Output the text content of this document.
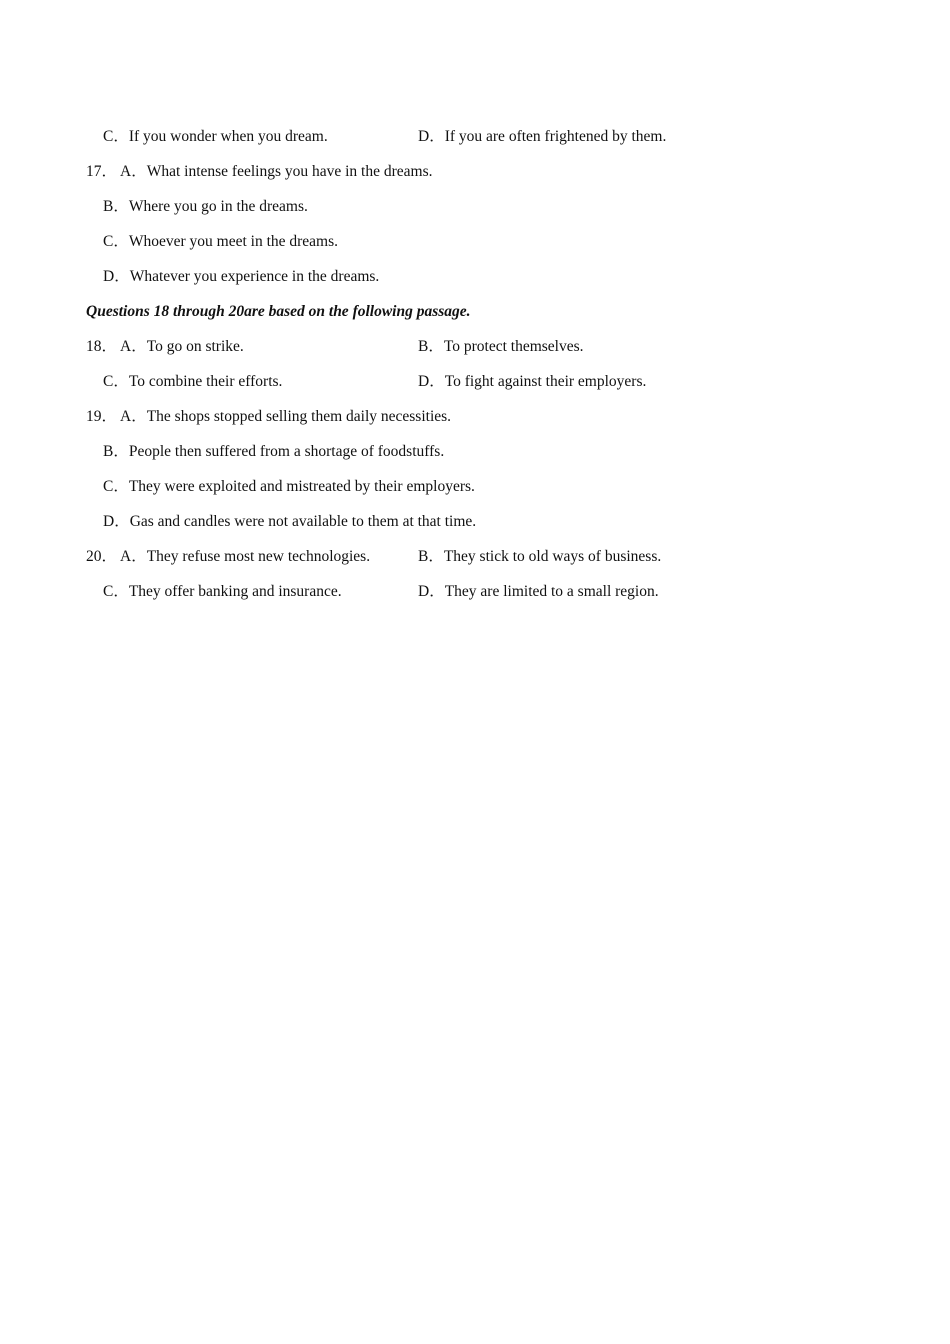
C．If you wonder when you dream.	D．If you are often frightened by them.
17． A．What intense feelings you have in the dreams.
B．Where you go in the dreams.
C．Whoever you meet in the dreams.
D．Whatever you experience in the dreams.
Questions 18 through 20are based on the following passage.
18． A．To go on strike.	B．To protect themselves.
C．To combine their efforts.	D．To fight against their employers.
19． A．The shops stopped selling them daily necessities.
B．People then suffered from a shortage of foodstuffs.
C．They were exploited and mistreated by their employers.
D．Gas and candles were not available to them at that time.
20． A．They refuse most new technologies.	B．They stick to old ways of business.
C．They offer banking and insurance.	D．They are limited to a small region.
